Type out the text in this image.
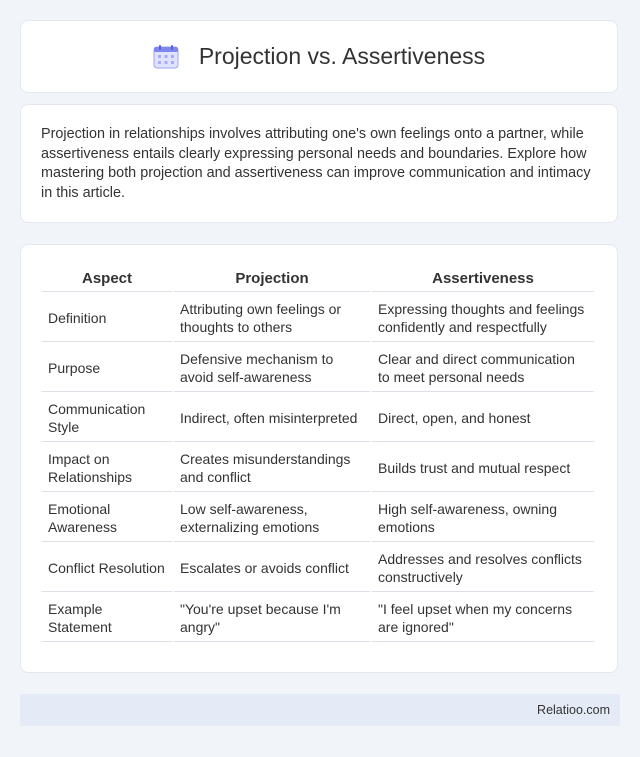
Projection vs. Assertiveness

Projection in relationships involves attributing one's own feelings onto a partner, while assertiveness entails clearly expressing personal needs and boundaries. Explore how mastering both projection and assertiveness can improve communication and intimacy in this article.

Aspect	Projection	Assertiveness
Definition	Attributing own feelings or thoughts to others	Expressing thoughts and feelings confidently and respectfully
Purpose	Defensive mechanism to avoid self-awareness	Clear and direct communication to meet personal needs
Communication Style	Indirect, often misinterpreted	Direct, open, and honest
Impact on Relationships	Creates misunderstandings and conflict	Builds trust and mutual respect
Emotional Awareness	Low self-awareness, externalizing emotions	High self-awareness, owning emotions
Conflict Resolution	Escalates or avoids conflict	Addresses and resolves conflicts constructively
Example Statement	"You're upset because I'm angry"	"I feel upset when my concerns are ignored"
Relatioo.com
